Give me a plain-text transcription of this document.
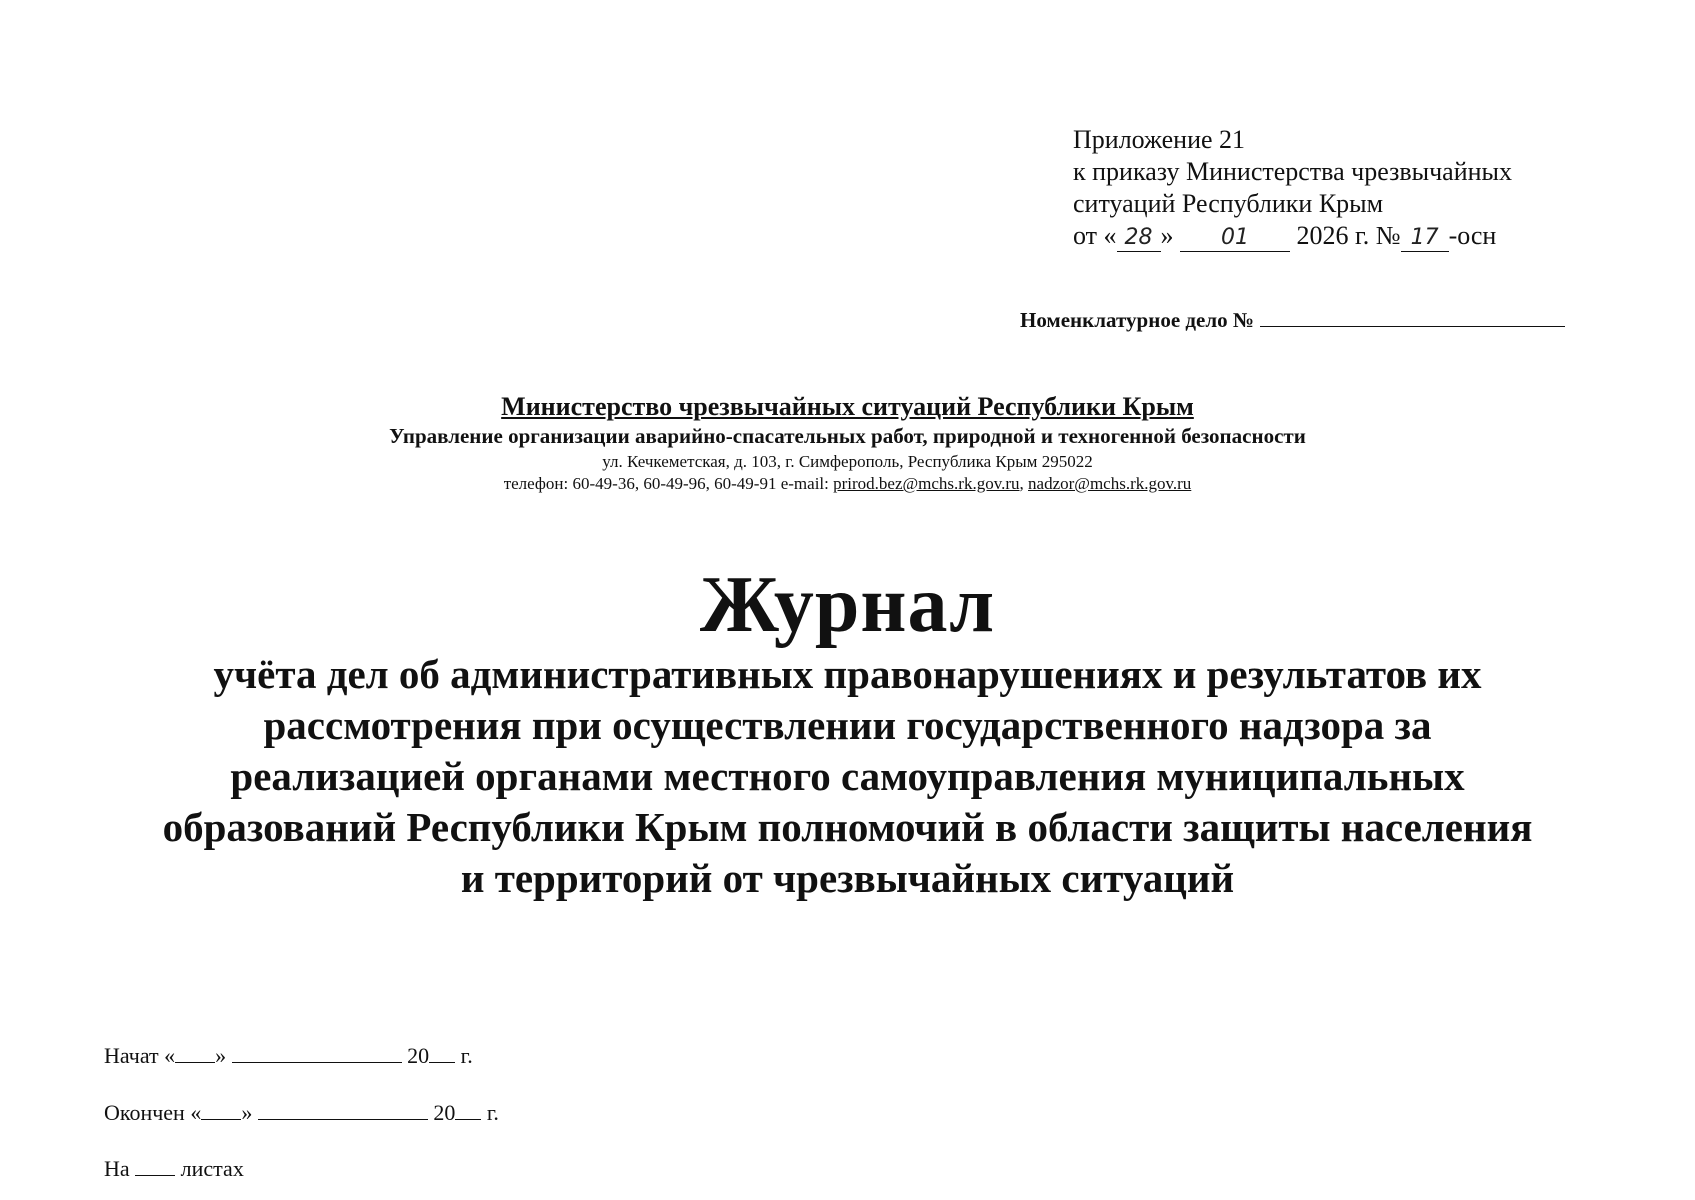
Приложение 21
к приказу Министерства чрезвычайных
ситуаций Республики Крым
от « 28 » 01 2026 г. № 17 -осн
Номенклатурное дело №
Министерство чрезвычайных ситуаций Республики Крым
Управление организации аварийно-спасательных работ, природной и техногенной безопасности
ул. Кечкеметская, д. 103, г. Симферополь, Республика Крым 295022
телефон: 60-49-36, 60-49-96, 60-49-91 e-mail: prirod.bez@mchs.rk.gov.ru, nadzor@mchs.rk.gov.ru
Журнал
учёта дел об административных правонарушениях и результатов их
рассмотрения при осуществлении государственного надзора за
реализацией органами местного самоуправления муниципальных
образований Республики Крым полномочий в области защиты населения
и территорий от чрезвычайных ситуаций
Начат « »	20 г.
Окончен « »	20 г.
На листах
